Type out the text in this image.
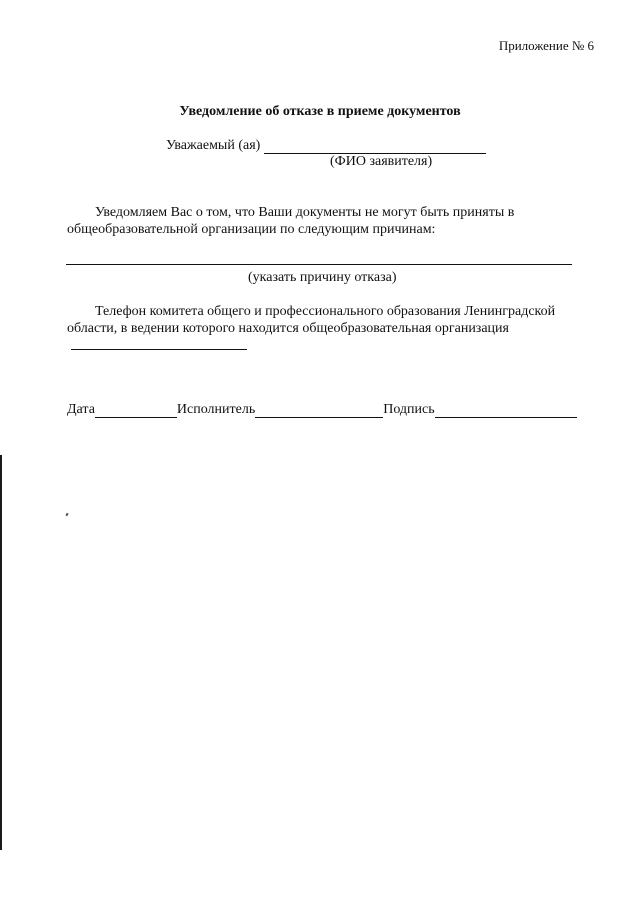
Приложение № 6
Уведомление об отказе в приеме документов
Уважаемый (ая)
(ФИО заявителя)

Уведомляем Вас о том, что Ваши документы не могут быть приняты в общеобразовательной организации по следующим причинам:

(указать причину отказа)

Телефон комитета общего и профессионального образования Ленинградской области, в ведении которого находится общеобразовательная организация

Дата	Исполнитель	Подпись
